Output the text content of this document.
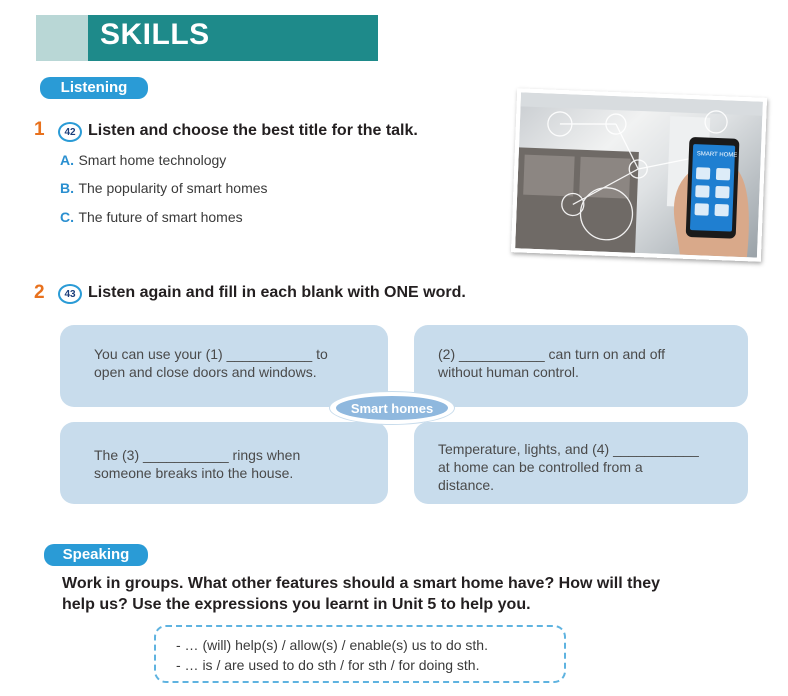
SKILLS
Listening
1 42 Listen and choose the best title for the talk.
A. Smart home technology
B. The popularity of smart homes
C. The future of smart homes
SMART HOME
2 43 Listen again and fill in each blank with ONE word.
You can use your (1) ___________ to
open and close doors and windows.
(2) ___________ can turn on and off
without human control.
The (3) ___________ rings when
someone breaks into the house.
Temperature, lights, and (4) ___________
at home can be controlled from a
distance.
Smart homes
Speaking
Work in groups. What other features should a smart home have? How will they
help us? Use the expressions you learnt in Unit 5 to help you.
- … (will) help(s) / allow(s) / enable(s) us to do sth.
- … is / are used to do sth / for sth / for doing sth.
